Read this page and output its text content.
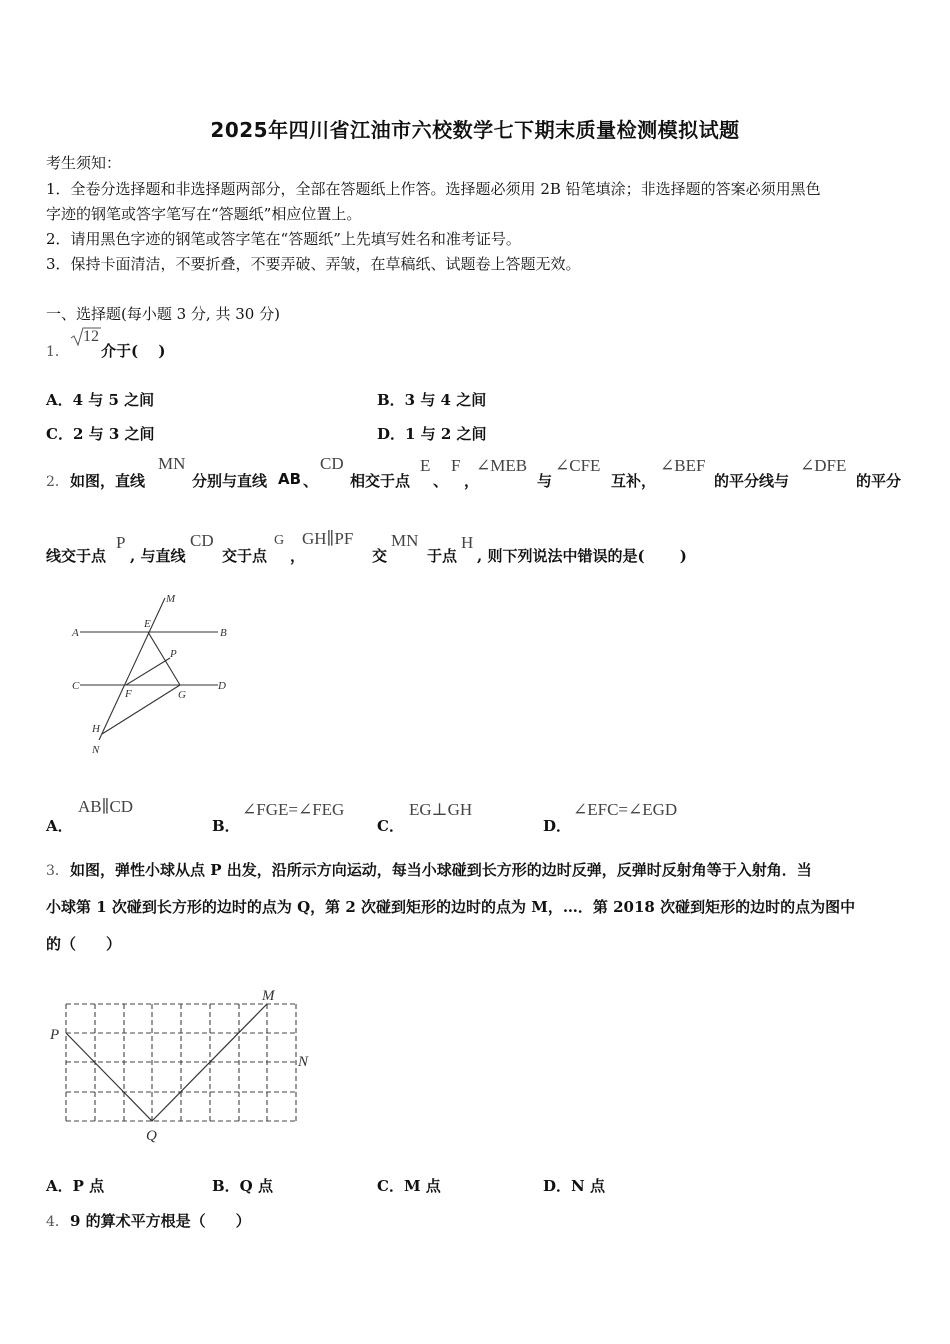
2025年四川省江油市六校数学七下期末质量检测模拟试题
考生须知：
1．全卷分选择题和非选择题两部分，全部在答题纸上作答。选择题必须用 2B 铅笔填涂；非选择题的答案必须用黑色
字迹的钢笔或答字笔写在“答题纸”相应位置上。
2．请用黑色字迹的钢笔或答字笔在“答题纸”上先填写姓名和准考证号。
3．保持卡面清洁，不要折叠，不要弄破、弄皱，在草稿纸、试题卷上答题无效。
一、选择题(每小题 3 分, 共 30 分)
1．
12
介于(　 )
A．4 与 5 之间	B．3 与 4 之间
C．2 与 3 之间	D．1 与 2 之间
2． 如图，直线
MN
分别与直线 AB 、
CD
相交于点
E
、
F
，
∠MEB
与
∠CFE
互补，
∠BEF
的平分线与
∠DFE
的平分
线交于点
P
, 与直线
CD
交于点
G
，
GH∥PF
交
MN
于点
H
, 则下列说法中错误的是(　　 )
M
A
E
B
P
C
F	G
D
H
N
A．
AB∥CD
B．
∠FGE=∠FEG
C．
EG⊥GH
D．
∠EFC=∠EGD
3． 如图，弹性小球从点 P 出发，沿所示方向运动，每当小球碰到长方形的边时反弹，反弹时反射角等于入射角．当
小球第 1 次碰到长方形的边时的点为 Q，第 2 次碰到矩形的边时的点为 M，…．第 2018 次碰到矩形的边时的点为图中
的（　　）
P
Q
M
N
A．P 点	B．Q 点	C．M 点	D．N 点
4． 9 的算术平方根是（　　）
